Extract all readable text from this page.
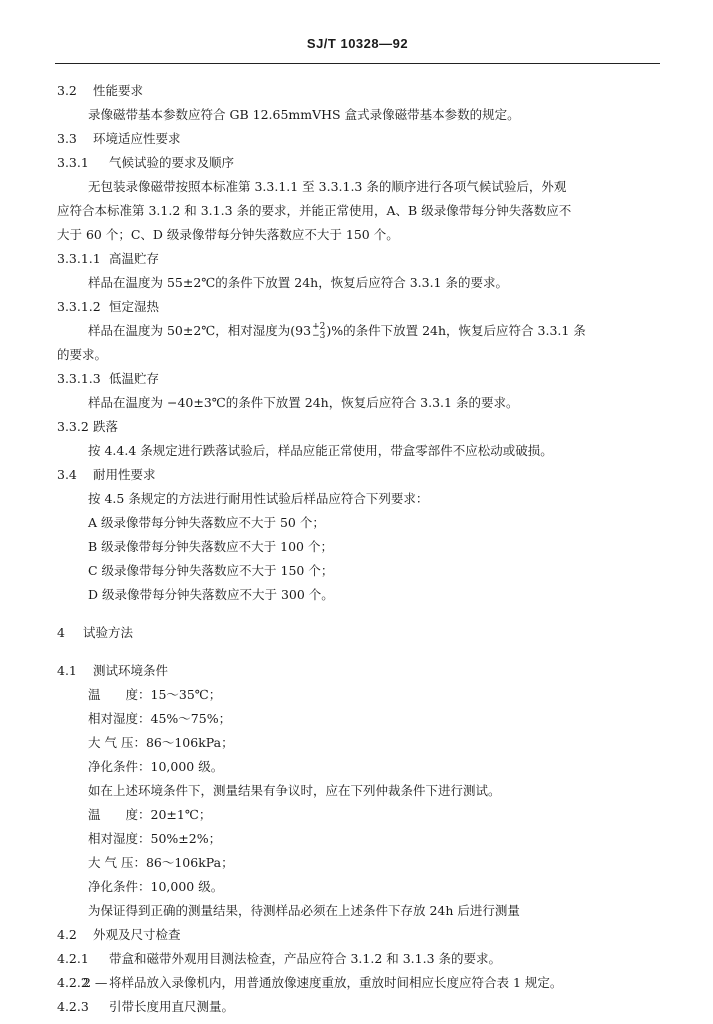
SJ/T 10328—92
3.2 性能要求
录像磁带基本参数应符合 GB 12.65mmVHS 盒式录像磁带基本参数的规定。
3.3 环境适应性要求
3.3.1 气候试验的要求及顺序
无包装录像磁带按照本标准第 3.3.1.1 至 3.3.1.3 条的顺序进行各项气候试验后，外观
应符合本标准第 3.1.2 和 3.1.3 条的要求，并能正常使用，A、B 级录像带每分钟失落数应不
大于 60 个；C、D 级录像带每分钟失落数应不大于 150 个。
3.3.1.1 高温贮存
样品在温度为 55±2℃的条件下放置 24h，恢复后应符合 3.3.1 条的要求。
3.3.1.2 恒定湿热
样品在温度为 50±2℃，相对湿度为(93 +2
−3 )%的条件下放置 24h，恢复后应符合 3.3.1 条
的要求。
3.3.1.3 低温贮存
样品在温度为 −40±3℃的条件下放置 24h，恢复后应符合 3.3.1 条的要求。
3.3.2 跌落
按 4.4.4 条规定进行跌落试验后，样品应能正常使用，带盒零部件不应松动或破损。
3.4 耐用性要求
按 4.5 条规定的方法进行耐用性试验后样品应符合下列要求：
A 级录像带每分钟失落数应不大于 50 个；
B 级录像带每分钟失落数应不大于 100 个；
C 级录像带每分钟失落数应不大于 150 个；
D 级录像带每分钟失落数应不大于 300 个。
4 试验方法
4.1 测试环境条件
温　　度：15～35℃；
相对湿度：45%～75%；
大 气 压：86～106kPa；
净化条件：10,000 级。
如在上述环境条件下，测量结果有争议时，应在下列仲裁条件下进行测试。
温　　度：20±1℃；
相对湿度：50%±2%；
大 气 压：86～106kPa；
净化条件：10,000 级。
为保证得到正确的测量结果，待测样品必须在上述条件下存放 24h 后进行测量
4.2 外观及尺寸检查
4.2.1 带盒和磁带外观用目测法检查，产品应符合 3.1.2 和 3.1.3 条的要求。
4.2.2 将样品放入录像机内，用普通放像速度重放，重放时间相应长度应符合表 1 规定。
4.2.3 引带长度用直尺测量。
2 —
